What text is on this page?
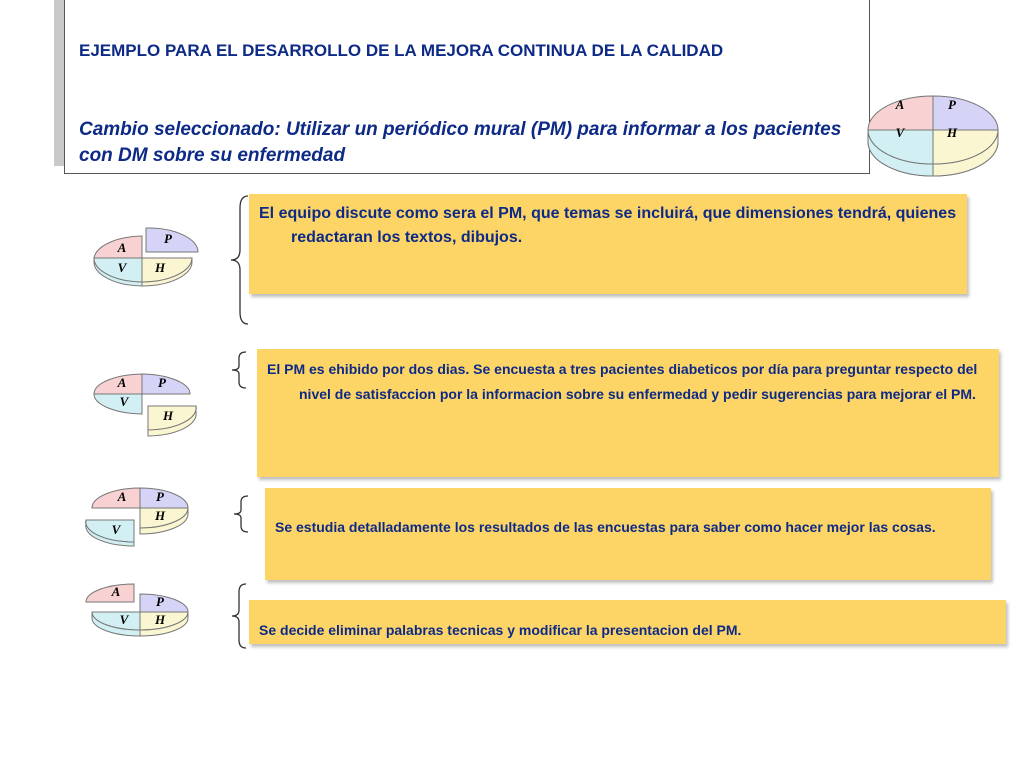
EJEMPLO PARA EL DESARROLLO DE LA MEJORA CONTINUA DE LA CALIDAD

Cambio seleccionado: Utilizar un periódico mural (PM) para informar a los pacientes con DM sobre su enfermedad

A	P
V	H
A
P
V H

El equipo discute como sera el PM, que temas se incluirá, que dimensiones tendrá, quienes redactaran los textos, dibujos.

A P
V
H

El PM es ehibido por dos dias. Se encuesta a tres pacientes diabeticos por día para preguntar respecto del nivel de satisfaccion por la informacion sobre su enfermedad y pedir sugerencias para mejorar el PM.

A P
V
H

Se estudia detalladamente los resultados de las encuestas para saber como hacer mejor las cosas.

A
P
V H

Se decide eliminar palabras tecnicas y modificar la presentacion del PM.
